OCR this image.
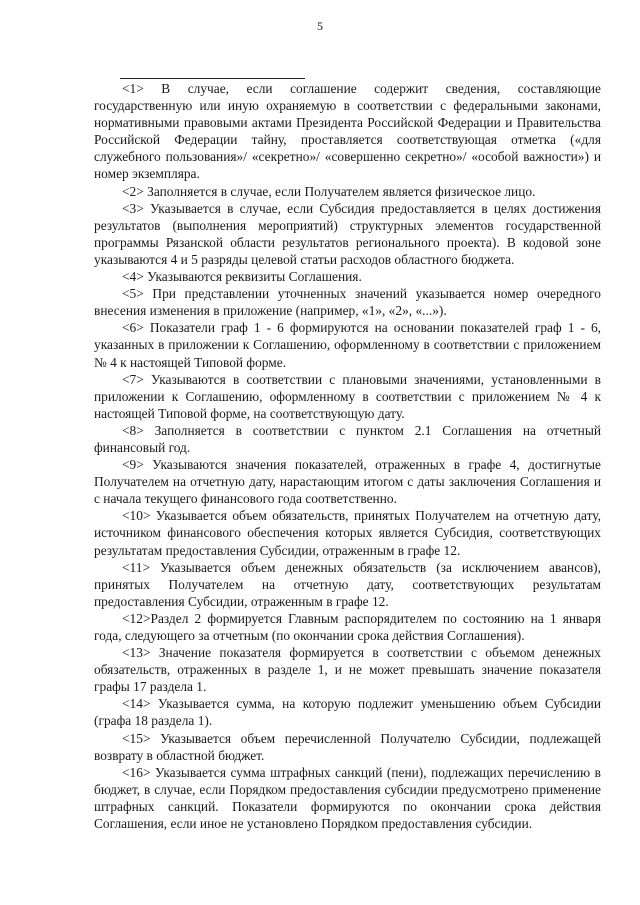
5

<1> В случае, если соглашение содержит сведения, составляющие государственную или иную охраняемую в соответствии с федеральными законами, нормативными правовыми актами Президента Российской Федерации и Правительства Российской Федерации тайну, проставляется соответствующая отметка («для служебного пользования»/ «секретно»/ «совершенно секретно»/ «особой важности») и номер экземпляра.

<2> Заполняется в случае, если Получателем является физическое лицо.

<3> Указывается в случае, если Субсидия предоставляется в целях достижения результатов (выполнения мероприятий) структурных элементов государственной программы Рязанской области результатов регионального проекта). В кодовой зоне указываются 4 и 5 разряды целевой статьи расходов областного бюджета.

<4> Указываются реквизиты Соглашения.

<5> При представлении уточненных значений указывается номер очередного внесения изменения в приложение (например, «1», «2», «...»).

<6> Показатели граф 1 - 6 формируются на основании показателей граф 1 - 6, указанных в приложении к Соглашению, оформленному в соответствии с приложением № 4 к настоящей Типовой форме.

<7> Указываются в соответствии с плановыми значениями, установленными в приложении к Соглашению, оформленному в соответствии с приложением № 4 к настоящей Типовой форме, на соответствующую дату.

<8> Заполняется в соответствии с пунктом 2.1 Соглашения на отчетный финансовый год.

<9> Указываются значения показателей, отраженных в графе 4, достигнутые Получателем на отчетную дату, нарастающим итогом с даты заключения Соглашения и с начала текущего финансового года соответственно.

<10> Указывается объем обязательств, принятых Получателем на отчетную дату, источником финансового обеспечения которых является Субсидия, соответствующих результатам предоставления Субсидии, отраженным в графе 12.

<11> Указывается объем денежных обязательств (за исключением авансов), принятых Получателем на отчетную дату, соответствующих результатам предоставления Субсидии, отраженным в графе 12.

<12>Раздел 2 формируется Главным распорядителем по состоянию на 1 января года, следующего за отчетным (по окончании срока действия Соглашения).

<13> Значение показателя формируется в соответствии с объемом денежных обязательств, отраженных в разделе 1, и не может превышать значение показателя графы 17 раздела 1.

<14> Указывается сумма, на которую подлежит уменьшению объем Субсидии (графа 18 раздела 1).

<15> Указывается объем перечисленной Получателю Субсидии, подлежащей возврату в областной бюджет.

<16> Указывается сумма штрафных санкций (пени), подлежащих перечислению в бюджет, в случае, если Порядком предоставления субсидии предусмотрено применение штрафных санкций. Показатели формируются по окончании срока действия Соглашения, если иное не установлено Порядком предоставления субсидии.
